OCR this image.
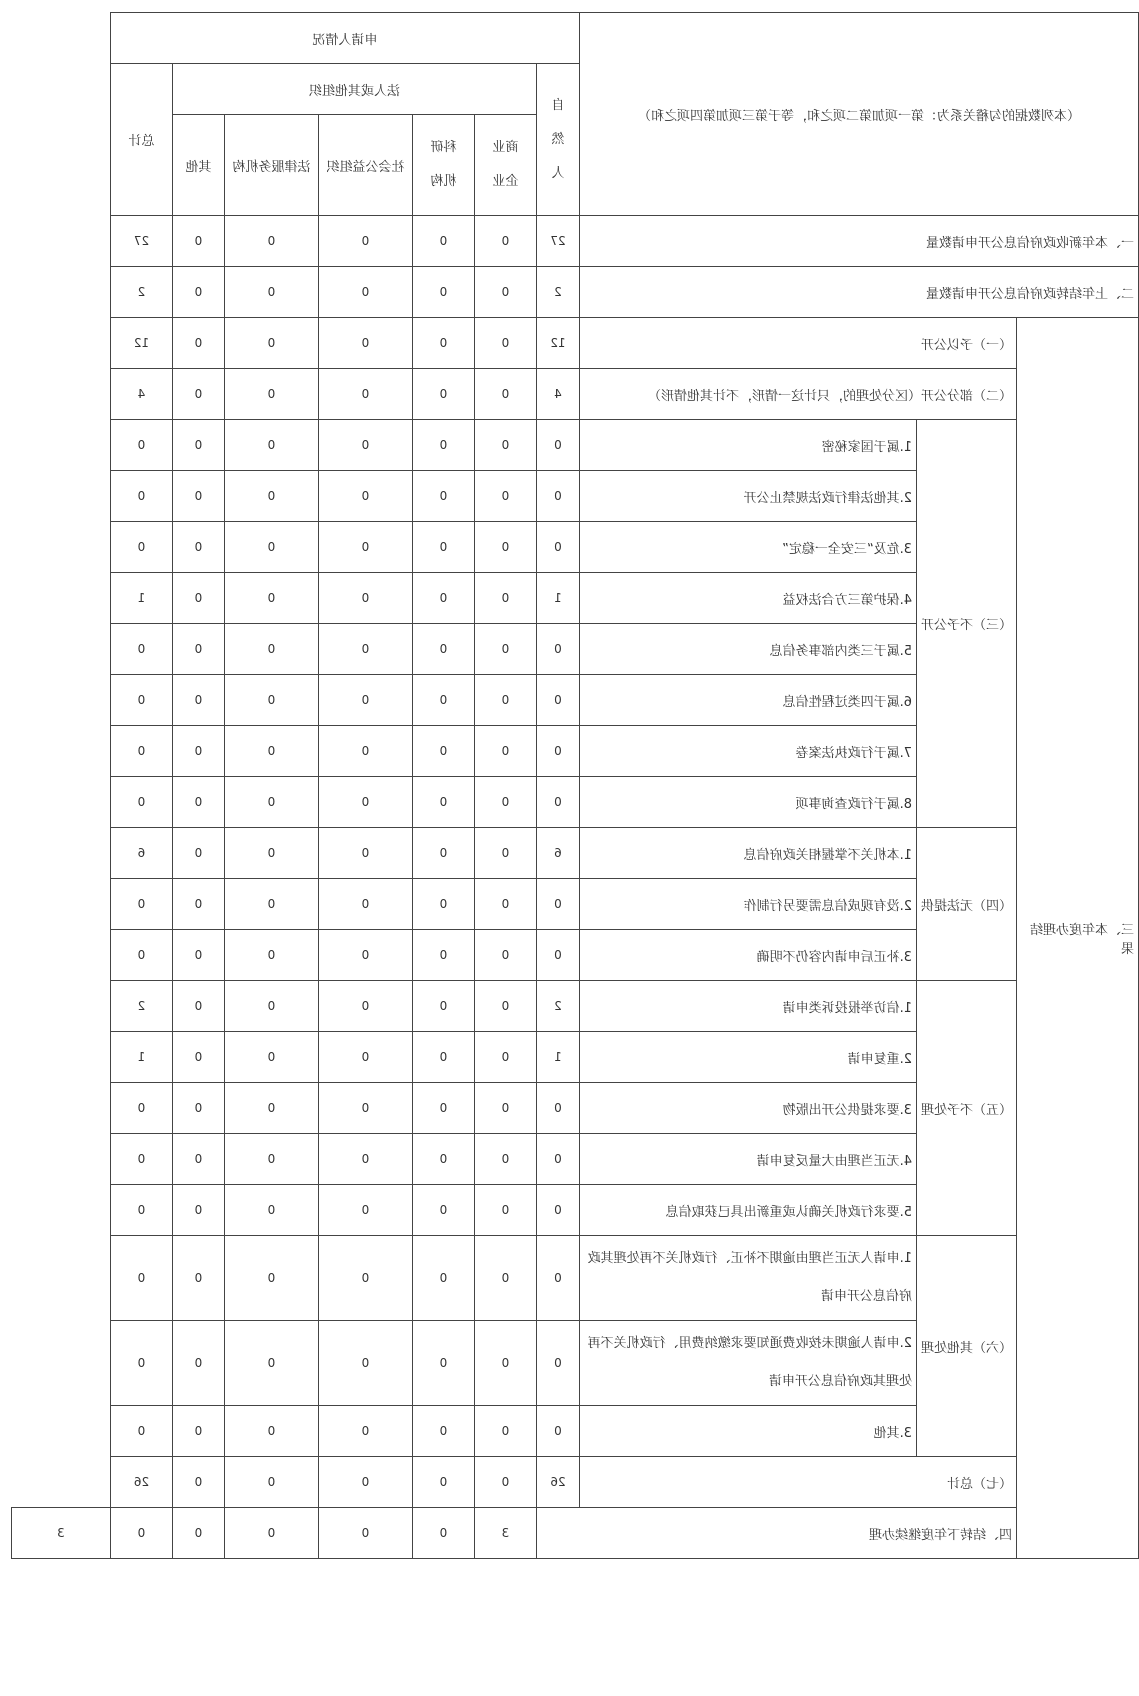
（本列数据的勾稽关系为：第一项加第二项之和，等于第三项加第四项之和）			申请人情况							
			自然人	法人或其他组织					总计	
				商业企业	科研机构	社会公益组织	法律服务机构	其他		
一、本年新收政府信息公开申请数量			27	0	0	0	0	0	27	
二、上年结转政府信息公开申请数量			2	0	0	0	0	0	2	
三、本年度办理结果	（一）予以公开		12	0	0	0	0	0	12	
	（二）部分公开（区分处理的，只计这一情形，不计其他情形）		4	0	0	0	0	0	4	
	（三）不予公开	1.属于国家秘密	0	0	0	0	0	0	0	
		2.其他法律行政法规禁止公开	0	0	0	0	0	0	0	
		3.危及“三安全一稳定”	0	0	0	0	0	0	0	
		4.保护第三方合法权益	1	0	0	0	0	0	1	
		5.属于三类内部事务信息	0	0	0	0	0	0	0	
		6.属于四类过程性信息	0	0	0	0	0	0	0	
		7.属于行政执法案卷	0	0	0	0	0	0	0	
		8.属于行政查询事项	0	0	0	0	0	0	0	
	（四）无法提供	1.本机关不掌握相关政府信息	6	0	0	0	0	0	6	
		2.没有现成信息需要另行制作	0	0	0	0	0	0	0	
		3.补正后申请内容仍不明确	0	0	0	0	0	0	0	
	（五）不予处理	1.信访举报投诉类申请	2	0	0	0	0	0	2	
		2.重复申请	1	0	0	0	0	0	1	
		3.要求提供公开出版物	0	0	0	0	0	0	0	
		4.无正当理由大量反复申请	0	0	0	0	0	0	0	
		5.要求行政机关确认或重新出具已获取信息	0	0	0	0	0	0	0	
	（六）其他处理	1.申请人无正当理由逾期不补正、行政机关不再处理其政府信息公开申请	0	0	0	0	0	0	0	
		2.申请人逾期未按收费通知要求缴纳费用、行政机关不再处理其政府信息公开申请	0	0	0	0	0	0	0	
		3.其他	0	0	0	0	0	0	0	
	（七）总计		26	0	0	0	0	0	26	
	四、结转下年度继续办理			3	0	0	0	0	0	3
